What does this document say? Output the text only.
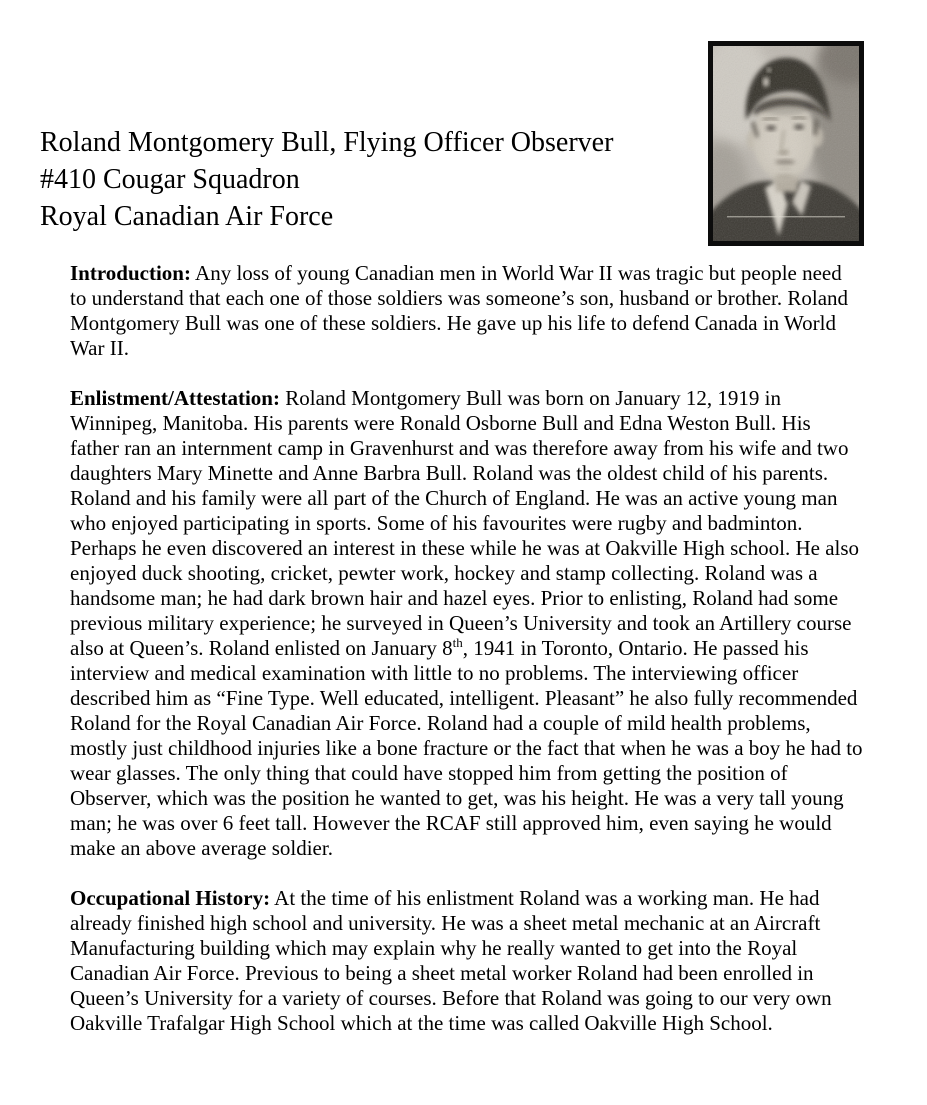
Roland Montgomery Bull, Flying Officer Observer
#410 Cougar Squadron
Royal Canadian Air Force

Introduction: Any loss of young Canadian men in World War II was tragic but people need to understand that each one of those soldiers was someone’s son, husband or brother. Roland Montgomery Bull was one of these soldiers. He gave up his life to defend Canada in World War II.

Enlistment/Attestation: Roland Montgomery Bull was born on January 12, 1919 in Winnipeg, Manitoba. His parents were Ronald Osborne Bull and Edna Weston Bull. His father ran an internment camp in Gravenhurst and was therefore away from his wife and two daughters Mary Minette and Anne Barbra Bull. Roland was the oldest child of his parents. Roland and his family were all part of the Church of England. He was an active young man who enjoyed participating in sports. Some of his favourites were rugby and badminton. Perhaps he even discovered an interest in these while he was at Oakville High school. He also enjoyed duck shooting, cricket, pewter work, hockey and stamp collecting. Roland was a handsome man; he had dark brown hair and hazel eyes. Prior to enlisting, Roland had some previous military experience; he surveyed in Queen’s University and took an Artillery course also at Queen’s. Roland enlisted on January 8th, 1941 in Toronto, Ontario. He passed his interview and medical examination with little to no problems. The interviewing officer described him as “Fine Type. Well educated, intelligent. Pleasant” he also fully recommended Roland for the Royal Canadian Air Force. Roland had a couple of mild health problems, mostly just childhood injuries like a bone fracture or the fact that when he was a boy he had to wear glasses. The only thing that could have stopped him from getting the position of Observer, which was the position he wanted to get, was his height. He was a very tall young man; he was over 6 feet tall. However the RCAF still approved him, even saying he would make an above average soldier.

Occupational History: At the time of his enlistment Roland was a working man. He had already finished high school and university. He was a sheet metal mechanic at an Aircraft Manufacturing building which may explain why he really wanted to get into the Royal Canadian Air Force. Previous to being a sheet metal worker Roland had been enrolled in Queen’s University for a variety of courses. Before that Roland was going to our very own Oakville Trafalgar High School which at the time was called Oakville High School.
